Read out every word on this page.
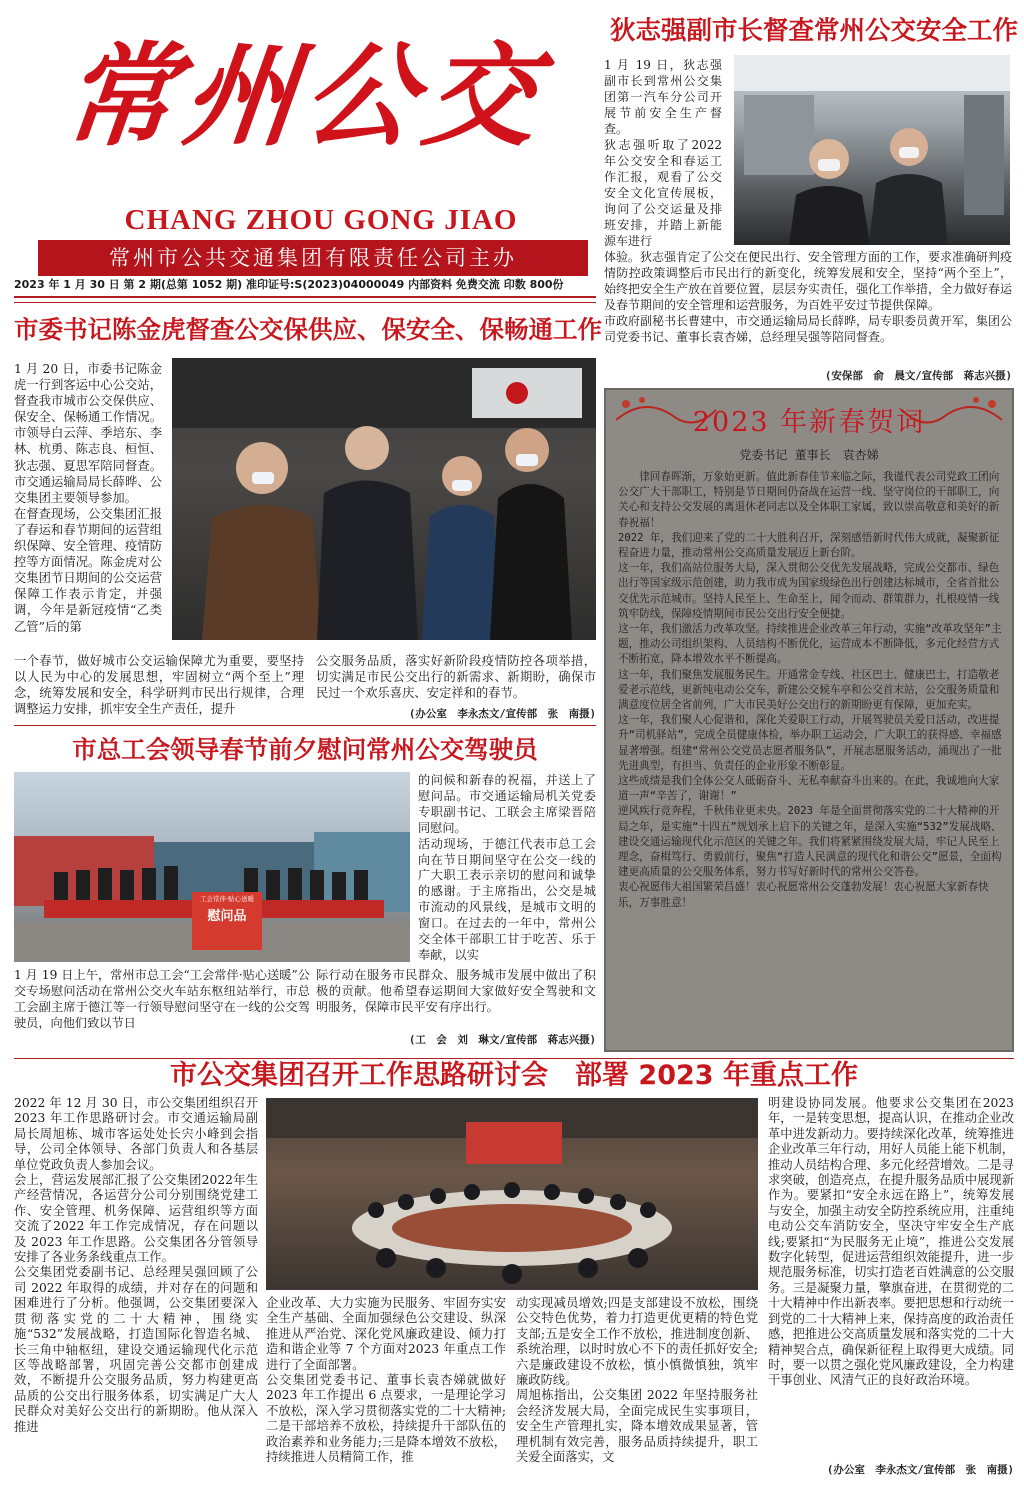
常州公交
CHANG ZHOU GONG JIAO
常州市公共交通集团有限责任公司主办
2023 年 1 月 30 日 第 2 期(总第 1052 期) 准印证号:S(2023)04000049 内部资料 免费交流 印数 800份
狄志强副市长督查常州公交安全工作
1 月 19 日，狄志强副市长到常州公交集团第一汽车分公司开展节前安全生产督查。
狄志强听取了2022 年公交安全和春运工作汇报，观看了公交安全文化宣传展板，询问了公交运量及排班安排，并踏上新能源车进行
体验。狄志强肯定了公交在便民出行、安全管理方面的工作，要求准确研判疫情防控政策调整后市民出行的新变化，统筹发展和安全，坚持“两个至上”，始终把安全生产放在首要位置，层层夯实责任，强化工作举措，全力做好春运及春节期间的安全管理和运营服务，为百姓平安过节提供保障。
市政府副秘书长曹建中，市交通运输局局长薛晔，局专职委员黄开军，集团公司党委书记、董事长袁杏娣，总经理吴强等陪同督查。
(安保部　俞　晨文/宣传部　蒋志兴摄)
市委书记陈金虎督查公交保供应、保安全、保畅通工作
1 月 20 日，市委书记陈金虎一行到客运中心公交站，督查我市城市公交保供应、保安全、保畅通工作情况。市领导白云萍、季培东、李林、杭勇、陈志良、桓恒、狄志强、夏思军陪同督查。市交通运输局局长薛晔、公交集团主要领导参加。
在督查现场，公交集团汇报了春运和春节期间的运营组织保障、安全管理、疫情防控等方面情况。陈金虎对公交集团节日期间的公交运营保障工作表示肯定，并强调，今年是新冠疫情“乙类乙管”后的第
一个春节，做好城市公交运输保障尤为重要，要坚持以人民为中心的发展思想，牢固树立“两个至上”理念，统筹发展和安全，科学研判市民出行规律，合理调整运力安排，抓牢安全生产责任，提升
公交服务品质，落实好新阶段疫情防控各项举措，切实满足市民公交出行的新需求、新期盼，确保市民过一个欢乐喜庆、安定祥和的春节。
(办公室　李永杰文/宣传部　张　南摄)
市总工会领导春节前夕慰问常州公交驾驶员
工会常伴·贴心送暖
慰问品
的问候和新春的祝福，并送上了慰问品。市交通运输局机关党委专职副书记、工联会主席梁晋陪同慰问。
活动现场，于德江代表市总工会向在节日期间坚守在公交一线的广大职工表示亲切的慰问和诚挚的感谢。于主席指出，公交是城市流动的风景线，是城市文明的窗口。在过去的一年中，常州公交全体干部职工甘于吃苦、乐于奉献，以实
1 月 19 日上午，常州市总工会“工会常伴·贴心送暖”公交专场慰问活动在常州公交火车站东枢纽站举行，市总工会副主席于德江等一行领导慰问坚守在一线的公交驾驶员，向他们致以节日
际行动在服务市民群众、服务城市发展中做出了积极的贡献。他希望春运期间大家做好安全驾驶和文明服务，保障市民平安有序出行。
(工　会　刘　琳文/宣传部　蒋志兴摄)
2023 年新春贺词
党委书记 董事长　袁杏娣
律回春晖渐，万象始更新。值此新春佳节来临之际，我谨代表公司党政工团向公交广大干部职工，特别是节日期间仍奋战在运营一线、坚守岗位的干部职工，向关心和支持公交发展的离退休老同志以及全体职工家属，致以崇高敬意和美好的新春祝福！
2022 年，我们迎来了党的二十大胜利召开，深刻感悟新时代伟大成就，凝聚新征程奋进力量，推动常州公交高质量发展迈上新台阶。
这一年，我们高站位服务大局，深入贯彻公交优先发展战略，完成公交都市、绿色出行等国家级示范创建，助力我市成为国家级绿色出行创建达标城市，全省首批公交优先示范城市。坚持人民至上、生命至上，闻令而动、群策群力，扎根疫情一线筑牢防线，保障疫情期间市民公交出行安全便捷。
这一年，我们激活力改革攻坚。持续推进企业改革三年行动，实施“改革攻坚年”主题，推动公司组织架构、人员结构不断优化，运营成本不断降低，多元化经营方式不断拓宽，降本增效水平不断提高。
这一年，我们聚焦发展服务民生。开通常金专线、社区巴士、健康巴士，打造敬老爱老示范线，更新纯电动公交车，新建公交候车亭和公交首末站，公交服务质量和满意度位居全省前列，广大市民美好公交出行的新期盼更有保障，更加充实。
这一年，我们聚人心促谐和，深化关爱职工行动，开展驾驶员关爱日活动，改进提升“司机驿站”，完成全员健康体检，举办职工运动会，广大职工的获得感、幸福感显著增强。组建“常州公交党员志愿者服务队”，开展志愿服务活动，涌现出了一批先进典型，有担当、负责任的企业形象不断彰显。
这些成绩是我们全体公交人砥砺奋斗、无私奉献奋斗出来的。在此，我诚地向大家道一声“辛苦了，谢谢！”
逆风疾行竞奔程，千秋伟业更未央。2023 年是全面贯彻落实党的二十大精神的开局之年，是实施“十四五”规划承上启下的关键之年，是深入实施“532”发展战略、建设交通运输现代化示范区的关键之年。我们将紧紧围绕发展大局，牢记人民至上理念，奋楫笃行、勇毅前行，聚焦“打造人民满意的现代化和谐公交”愿景，全面构建更高质量的公交服务体系，努力书写好新时代的常州公交答卷。
衷心祝愿伟大祖国繁荣昌盛！衷心祝愿常州公交蓬勃发展！衷心祝愿大家新春快乐，万事胜意！
市公交集团召开工作思路研讨会　部署 2023 年重点工作
2022 年 12 月 30 日，市公交集团组织召开 2023 年工作思路研讨会。市交通运输局副局长周旭栋、城市客运处处长宍小峰到会指导，公司全体领导、各部门负责人和各基层单位党政负责人参加会议。
会上，营运发展部汇报了公交集团2022年生产经营情况，各运营分公司分别围绕党建工作、安全管理、机务保障、运营组织等方面交流了2022 年工作完成情况，存在问题以及 2023 年工作思路。公交集团各分管领导安排了各业务条线重点工作。
公交集团党委副书记、总经理吴强回顾了公司 2022 年取得的成绩，并对存在的问题和困难进行了分析。他强调，公交集团要深入贯彻落实党的二十大精神，围绕实施“532”发展战略，打造国际化智造名城、长三角中轴枢纽，建设交通运输现代化示范区等战略部署，巩固完善公交都市创建成效，不断提升公交服务品质，努力构建更高品质的公交出行服务体系，切实满足广大人民群众对美好公交出行的新期盼。他从深入推进
企业改革、大力实施为民服务、牢固夯实安全生产基础、全面加强绿色公交建设、纵深推进从严治党、深化党风廉政建设、倾力打造和谐企业等 7 个方面对2023 年重点工作进行了全面部署。
公交集团党委书记、董事长袁杏娣就做好 2023 年工作提出 6 点要求，一是理论学习不放松，深入学习贯彻落实党的二十大精神;二是干部培养不放松，持续提升干部队伍的政治素养和业务能力;三是降本增效不放松，持续推进人员精简工作，推
动实现减员增效;四是支部建设不放松，围绕公交特色优势，着力打造更优更精的特色党支部;五是安全工作不放松，推进制度创新、系统治理，以时时放心不下的责任抓好安全;六是廉政建设不放松，慎小慎微慎独，筑牢廉政防线。
周旭栋指出，公交集团 2022 年坚持服务社会经济发展大局，全面完成民生实事项目，安全生产管理扎实，降本增效成果显著，管理机制有效完善，服务品质持续提升，职工关爱全面落实，文
明建设协同发展。他要求公交集团在2023 年，一是转变思想，提高认识，在推动企业改革中进发新动力。要持续深化改革，统筹推进企业改革三年行动，用好人员能上能下机制，推动人员结构合理、多元化经营增效。二是寻求突破，创造亮点，在提升服务品质中展现新作为。要紧扣“安全永远在路上”，统筹发展与安全，加强主动安全防控系统应用，注重纯电动公交车消防安全，坚决守牢安全生产底线;要紧扣“为民服务无止境”，推进公交发展数字化转型，促进运营组织效能提升，进一步规范服务标准，切实打造老百姓满意的公交服务。三是凝聚力量，擎旗奋进，在贯彻党的二十大精神中作出新表率。要把思想和行动统一到党的二十大精神上来，保持高度的政治责任感，把推进公交高质量发展和落实党的二十大精神契合点，确保新征程上取得更大成绩。同时，要一以贯之强化党风廉政建设，全力构建干事创业、风清气正的良好政治环境。
(办公室　李永杰文/宣传部　张　南摄)
